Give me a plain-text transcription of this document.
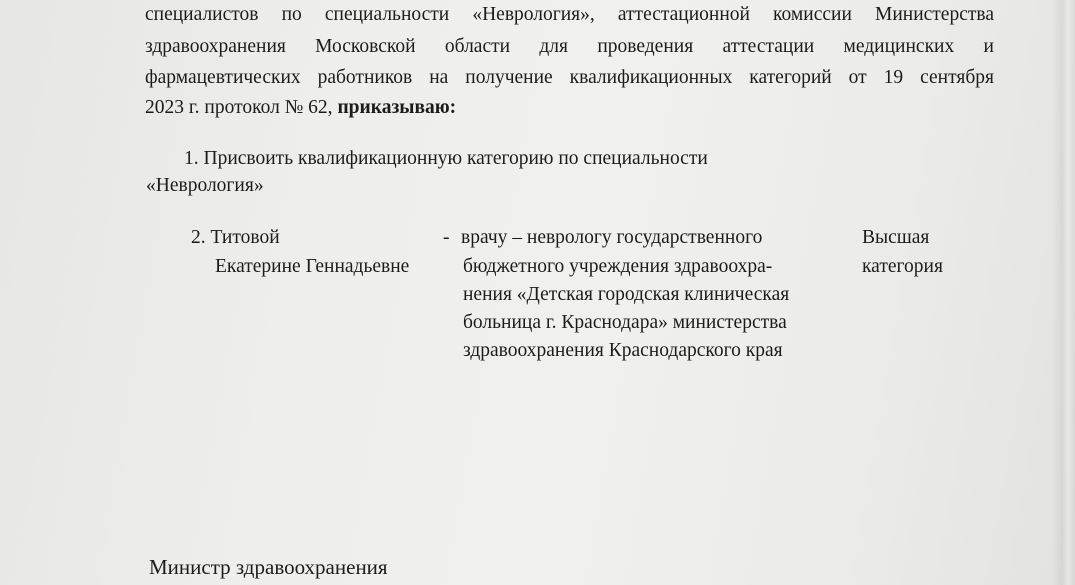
специалистов по специальности «Неврология», аттестационной комиссии Министерства
здравоохранения Московской области для проведения аттестации медицинских и
фармацевтических работников на получение квалификационных категорий от 19 сентября
2023 г. протокол № 62, приказываю:
1. Присвоить квалификационную категорию по специальности
«Неврология»
2. Титовой
Екатерине Геннадьевне
- врачу – неврологу государственного
бюджетного учреждения здравоохра-
нения «Детская городская клиническая
больница г. Краснодара» министерства
здравоохранения Краснодарского края
Высшая
категория
Министр здравоохранения
